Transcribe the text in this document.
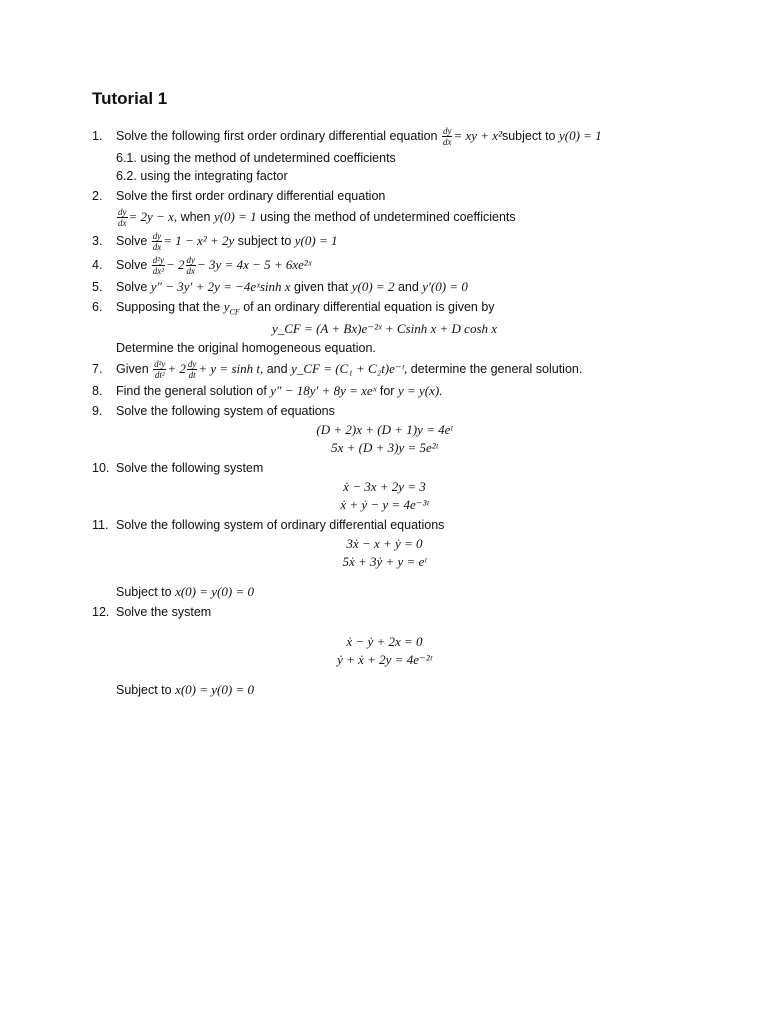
Tutorial 1
1.	Solve the following first order ordinary differential equation $\frac{dy}{dx}$ = xy + x²subject to y(0) = 1
6.1. using the method of undetermined coefficients
6.2. using the integrating factor
2.	Solve the first order ordinary differential equation
$\frac{dy}{dx} = 2y - x$, when y(0) = 1 using the method of undetermined coefficients
3.	Solve $\frac{dy}{dx} = 1 - x^2 + 2y$ subject to y(0) = 1
4.	Solve $\frac{\text{d²y}}{\text{dx²}} - 2 \frac{dy}{dx} - 3y = 4x - 5$ + 6xe²ˣ
5.	Solve y″ − 3y′ + 2y = −4eˣsinh x given that y(0) = 2 and y′(0) = 0
6.	Supposing that the $y_{CF}$ of an ordinary differential equation is given by
y_CF = (A + Bx)e⁻²ˣ + Csinh x + D cosh x
Determine the original homogeneous equation.
7.	Given $\frac{\text{d²y}}{\text{dt²}} + 2 \frac{dy}{dt} + y = \sinh t$, and y_CF = (C₁ + C₂t)e⁻ᵗ, determine the general solution.
8.	Find the general solution of y″ − 18y′ + 8y = xeˣ for y = y(x).
9.	Solve the following system of equations
(D + 2)x + (D + 1)y = 4eᵗ
5x + (D + 3)y = 5e²ᵗ
10. Solve the following system
ẋ − 3x + 2y = 3
ẋ + ẏ − y = 4e⁻³ᵗ
11. Solve the following system of ordinary differential equations
3ẋ − x + ẏ = 0
5ẋ + 3ẏ + y = eᵗ
Subject to x(0) = y(0) = 0
12. Solve the system
ẋ − ẏ + 2x = 0
ẏ + ẋ + 2y = 4e⁻²ᵗ
Subject to x(0) = y(0) = 0
